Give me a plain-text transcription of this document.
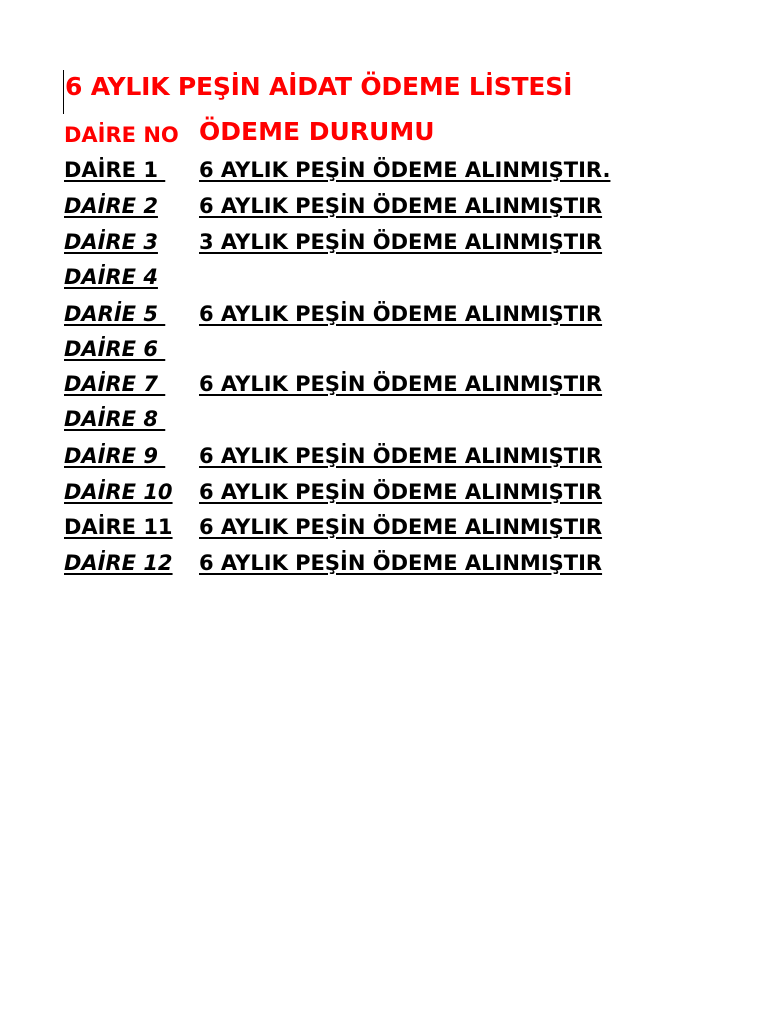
6 AYLIK PEŞİN AİDAT ÖDEME LİSTESİ
DAİRE NO ÖDEME DURUMU
DAİRE 1 6 AYLIK PEŞİN ÖDEME ALINMIŞTIR.
DAİRE 2 6 AYLIK PEŞİN ÖDEME ALINMIŞTIR
DAİRE 3 3 AYLIK PEŞİN ÖDEME ALINMIŞTIR
DAİRE 4
DARİE 5 6 AYLIK PEŞİN ÖDEME ALINMIŞTIR
DAİRE 6
DAİRE 7 6 AYLIK PEŞİN ÖDEME ALINMIŞTIR
DAİRE 8
DAİRE 9 6 AYLIK PEŞİN ÖDEME ALINMIŞTIR
DAİRE 10 6 AYLIK PEŞİN ÖDEME ALINMIŞTIR
DAİRE 11 6 AYLIK PEŞİN ÖDEME ALINMIŞTIR
DAİRE 12 6 AYLIK PEŞİN ÖDEME ALINMIŞTIR
